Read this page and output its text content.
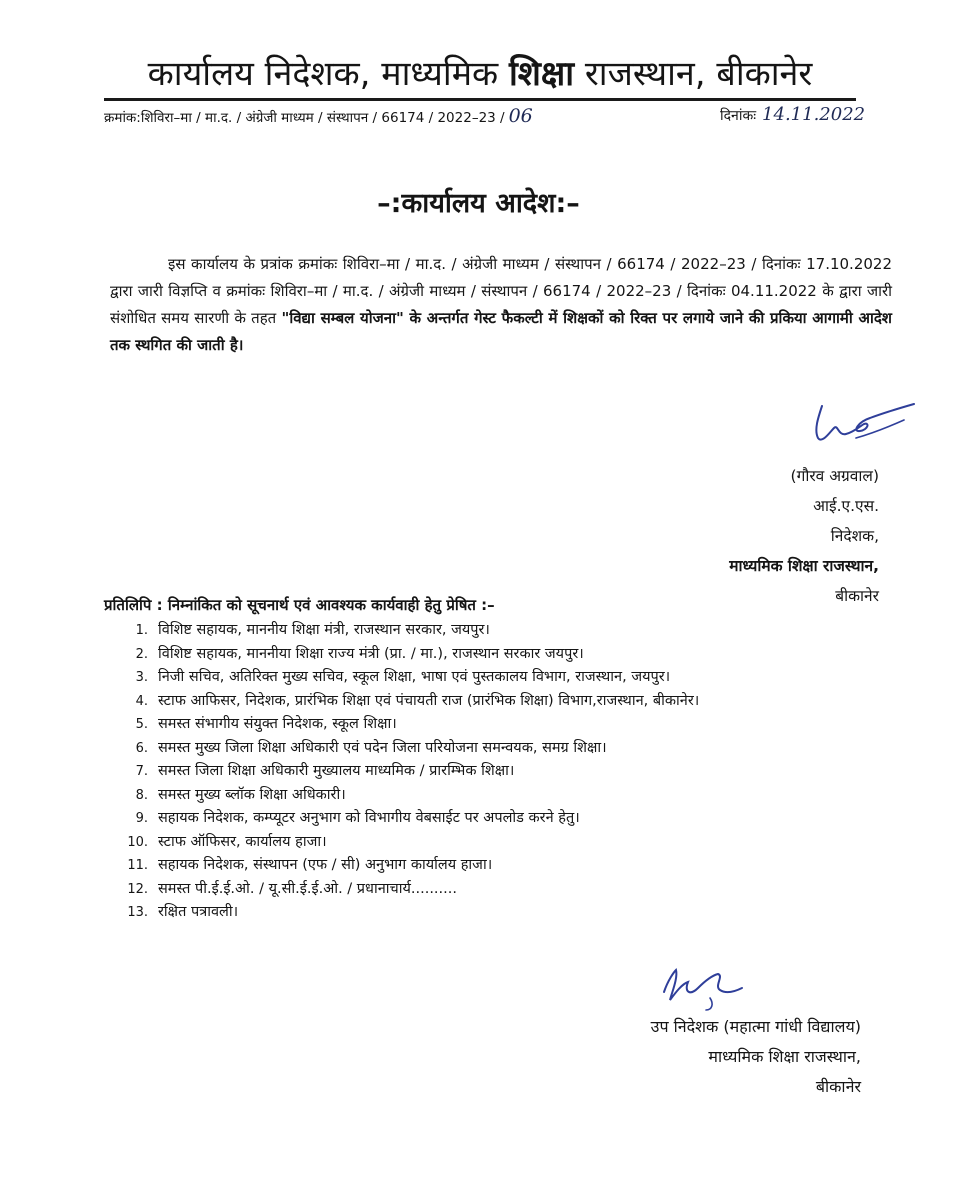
कार्यालय निदेशक, माध्यमिक शिक्षा राजस्थान, बीकानेर
क्रमांक:शिविरा–मा / मा.द. / अंग्रेजी माध्यम / संस्थापन / 66174 / 2022–23 / 06	दिनांकः 14.11.2022
–:कार्यालय आदेश:–

इस कार्यालय के प्रत्रांक क्रमांकः शिविरा–मा / मा.द. / अंग्रेजी माध्यम / संस्थापन / 66174 / 2022–23 / दिनांकः 17.10.2022 द्वारा जारी विज्ञप्ति व क्रमांकः शिविरा–मा / मा.द. / अंग्रेजी माध्यम / संस्थापन / 66174 / 2022–23 / दिनांकः 04.11.2022 के द्वारा जारी संशोधित समय सारणी के तहत "विद्या सम्बल योजना" के अन्तर्गत गेस्ट फैकल्टी में शिक्षकों को रिक्त पर लगाये जाने की प्रकिया आगामी आदेश तक स्थगित की जाती है।

(गौरव अग्रवाल)
आई.ए.एस.
निदेशक,
माध्यमिक शिक्षा राजस्थान,
बीकानेर
प्रतिलिपि : निम्नांकित को सूचनार्थ एवं आवश्यक कार्यवाही हेतु प्रेषित :–
1. विशिष्ट सहायक, माननीय शिक्षा मंत्री, राजस्थान सरकार, जयपुर।
2. विशिष्ट सहायक, माननीया शिक्षा राज्य मंत्री (प्रा. / मा.), राजस्थान सरकार जयपुर।
3. निजी सचिव, अतिरिक्त मुख्य सचिव, स्कूल शिक्षा, भाषा एवं पुस्तकालय विभाग, राजस्थान, जयपुर।
4. स्टाफ आफिसर, निदेशक, प्रारंभिक शिक्षा एवं पंचायती राज (प्रारंभिक शिक्षा) विभाग,राजस्थान, बीकानेर।
5. समस्त संभागीय संयुक्त निदेशक, स्कूल शिक्षा।
6. समस्त मुख्य जिला शिक्षा अधिकारी एवं पदेन जिला परियोजना समन्वयक, समग्र शिक्षा।
7. समस्त जिला शिक्षा अधिकारी मुख्यालय माध्यमिक / प्रारम्भिक शिक्षा।
8. समस्त मुख्य ब्लॉक शिक्षा अधिकारी।
9. सहायक निदेशक, कम्प्यूटर अनुभाग को विभागीय वेबसाईट पर अपलोड करने हेतु।
10. स्टाफ ऑफिसर, कार्यालय हाजा।
11. सहायक निदेशक, संस्थापन (एफ / सी) अनुभाग कार्यालय हाजा।
12. समस्त पी.ई.ई.ओ. / यू.सी.ई.ई.ओ. / प्रधानाचार्य..........
13. रक्षित पत्रावली।
उप निदेशक (महात्मा गांधी विद्यालय)
माध्यमिक शिक्षा राजस्थान,
बीकानेर
